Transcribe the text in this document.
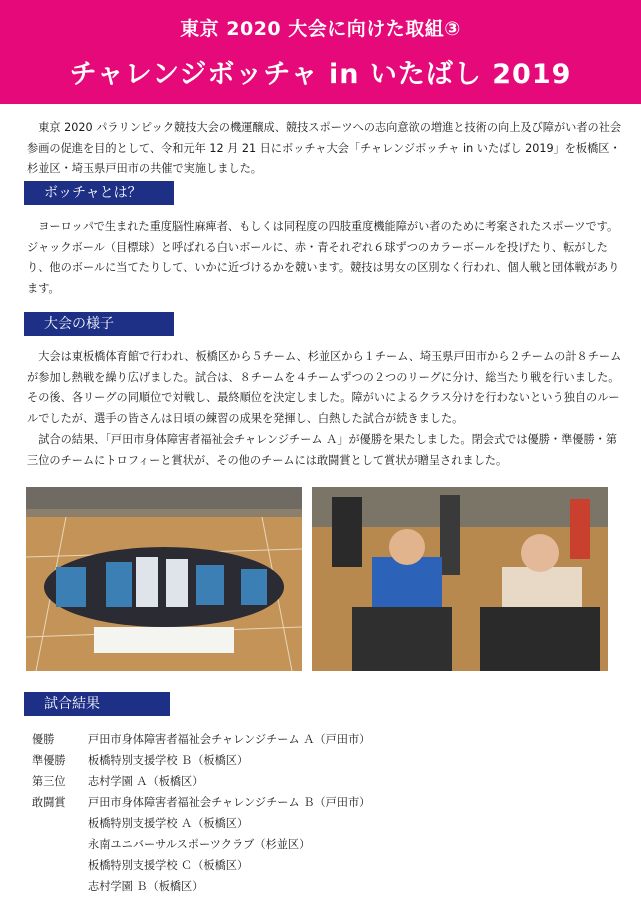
東京 2020 大会に向けた取組③
チャレンジボッチャ in いたばし 2019

東京 2020 パラリンピック競技大会の機運醸成、競技スポーツへの志向意欲の増進と技術の向上及び障がい者の社会参画の促進を目的として、令和元年 12 月 21 日にボッチャ大会「チャレンジボッチャ in いたばし 2019」を板橋区・杉並区・埼玉県戸田市の共催で実施しました。

ボッチャとは？

ヨーロッパで生まれた重度脳性麻痺者、もしくは同程度の四肢重度機能障がい者のために考案されたスポーツです。ジャックボール（目標球）と呼ばれる白いボールに、赤・青それぞれ６球ずつのカラーボールを投げたり、転がしたり、他のボールに当てたりして、いかに近づけるかを競います。競技は男女の区別なく行われ、個人戦と団体戦があります。

大会の様子

大会は東板橋体育館で行われ、板橋区から５チーム、杉並区から１チーム、埼玉県戸田市から２チームの計８チームが参加し熱戦を繰り広げました。試合は、８チームを４チームずつの２つのリーグに分け、総当たり戦を行いました。その後、各リーグの同順位で対戦し、最終順位を決定しました。障がいによるクラス分けを行わないという独自のルールでしたが、選手の皆さんは日頃の練習の成果を発揮し、白熱した試合が続きました。

試合の結果、「戸田市身体障害者福祉会チャレンジチーム Ａ」が優勝を果たしました。閉会式では優勝・準優勝・第三位のチームにトロフィーと賞状が、その他のチームには敢闘賞として賞状が贈呈されました。

試合結果
優勝	戸田市身体障害者福祉会チャレンジチーム Ａ（戸田市）
準優勝	板橋特別支援学校 Ｂ（板橋区）
第三位	志村学園 Ａ（板橋区）
敢闘賞	戸田市身体障害者福祉会チャレンジチーム Ｂ（戸田市）
板橋特別支援学校 Ａ（板橋区）
永南ユニバーサルスポーツクラブ（杉並区）
板橋特別支援学校 Ｃ（板橋区）
志村学園 Ｂ（板橋区）
